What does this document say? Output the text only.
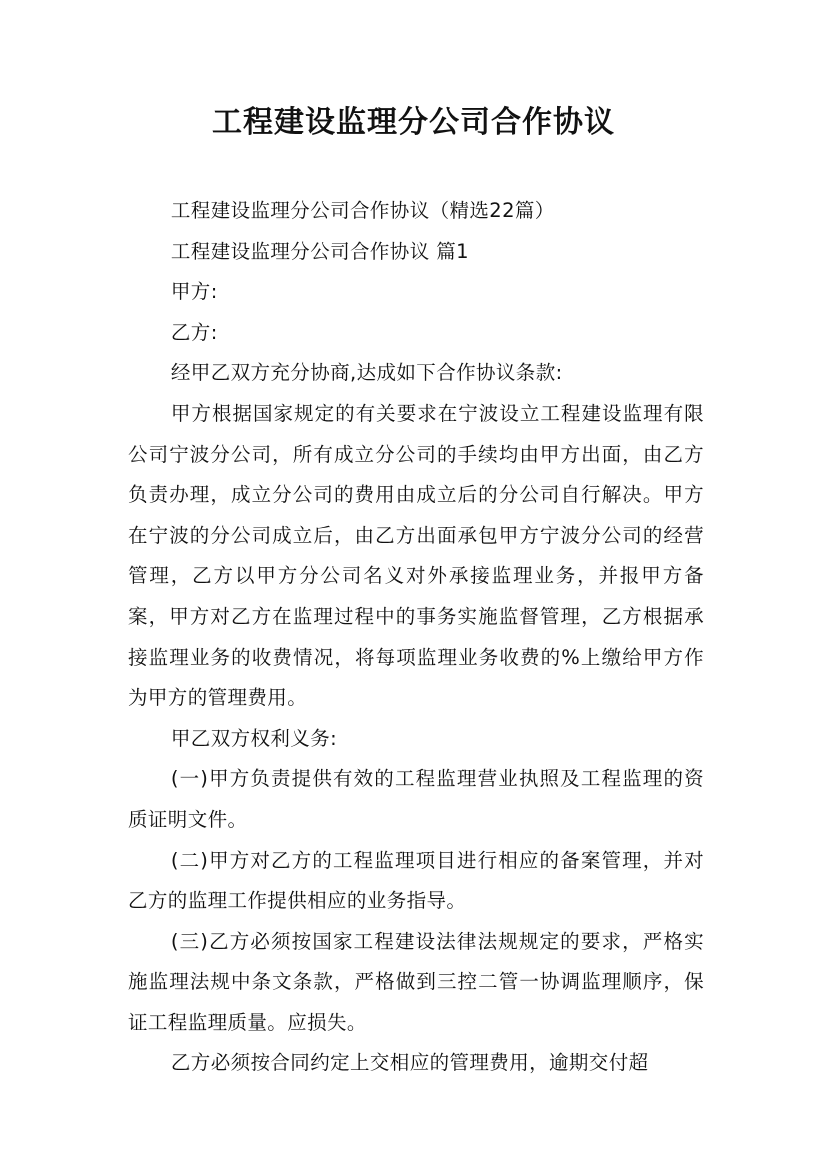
工程建设监理分公司合作协议

工程建设监理分公司合作协议（精选22篇）

工程建设监理分公司合作协议 篇1

甲方:

乙方:

经甲乙双方充分协商,达成如下合作协议条款:

甲方根据国家规定的有关要求在宁波设立工程建设监理有限公司宁波分公司，所有成立分公司的手续均由甲方出面，由乙方负责办理，成立分公司的费用由成立后的分公司自行解决。甲方在宁波的分公司成立后，由乙方出面承包甲方宁波分公司的经营管理，乙方以甲方分公司名义对外承接监理业务，并报甲方备案，甲方对乙方在监理过程中的事务实施监督管理，乙方根据承接监理业务的收费情况，将每项监理业务收费的%上缴给甲方作为甲方的管理费用。

甲乙双方权利义务:

(一)甲方负责提供有效的工程监理营业执照及工程监理的资质证明文件。

(二)甲方对乙方的工程监理项目进行相应的备案管理，并对乙方的监理工作提供相应的业务指导。

(三)乙方必须按国家工程建设法律法规规定的要求，严格实施监理法规中条文条款，严格做到三控二管一协调监理顺序，保证工程监理质量。应损失。

乙方必须按合同约定上交相应的管理费用，逾期交付超
